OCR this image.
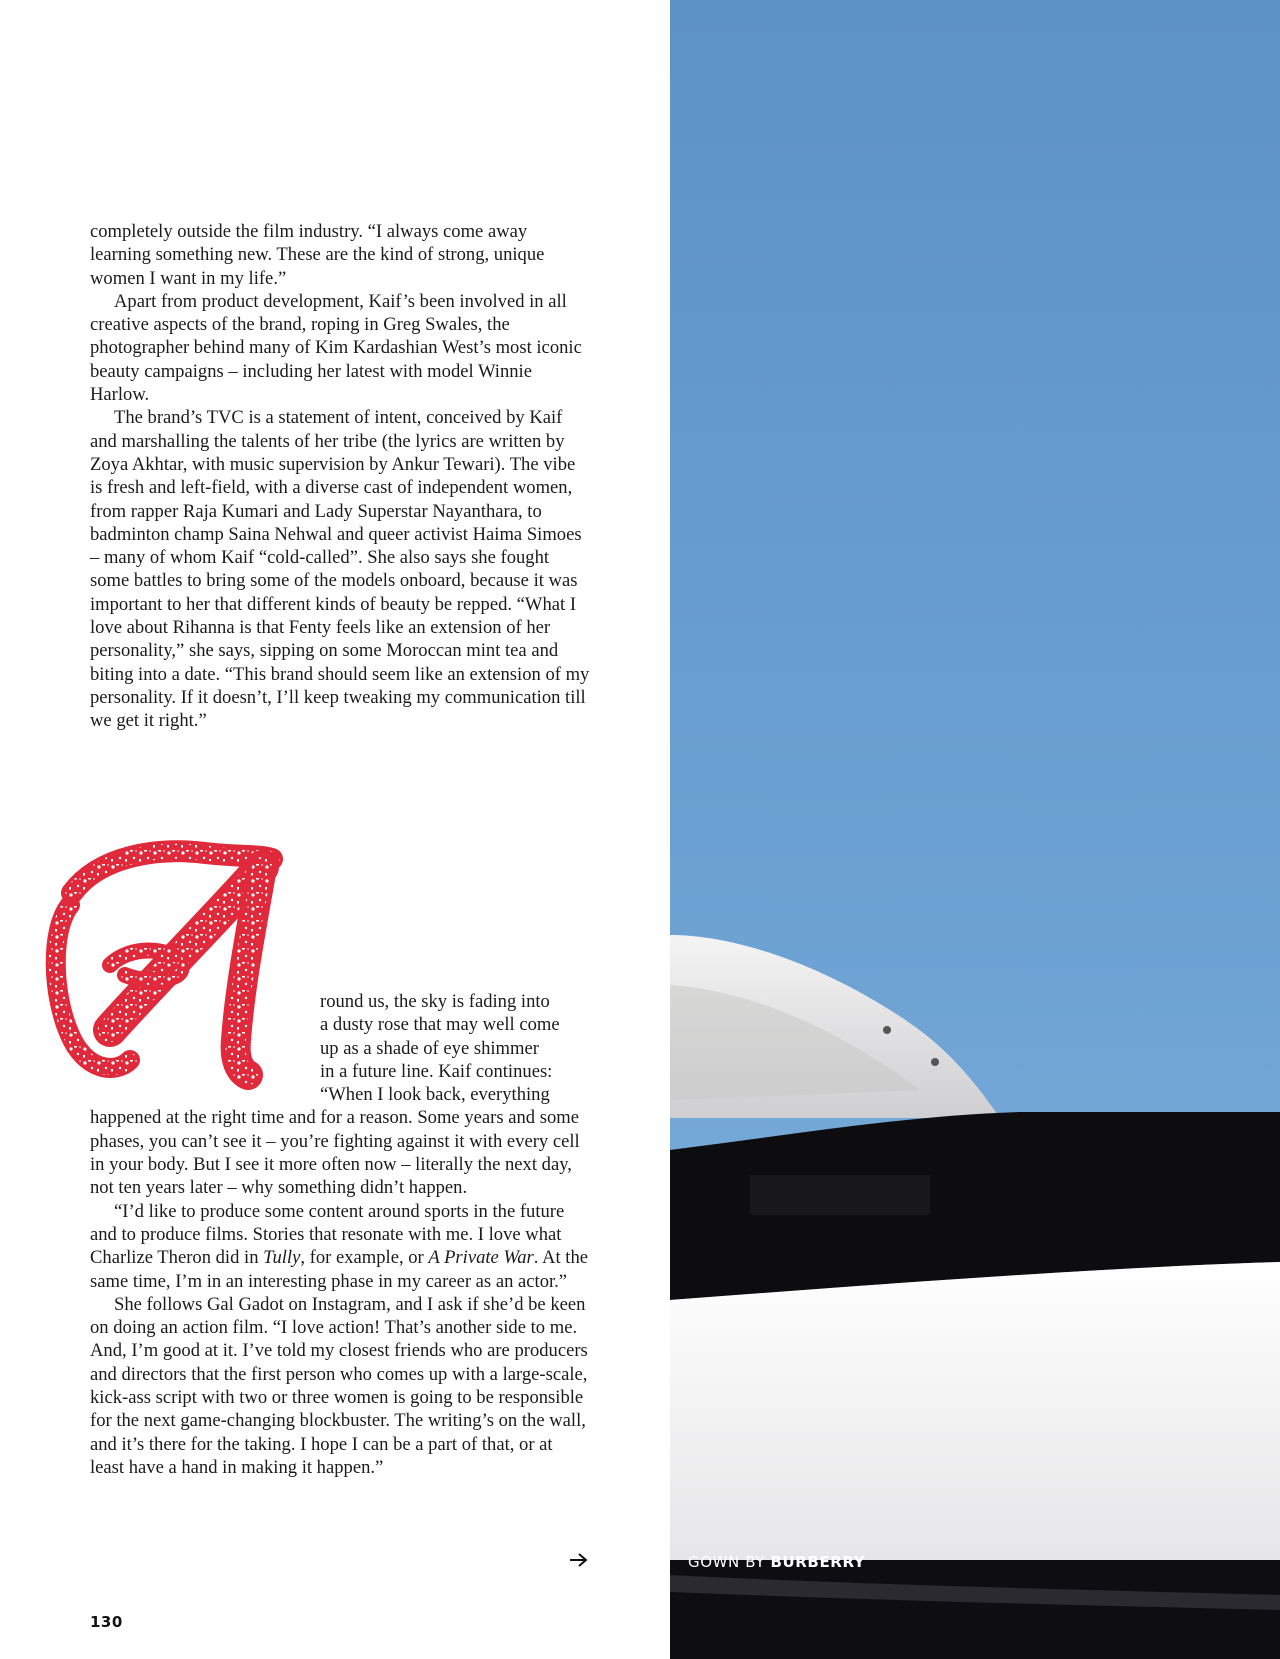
completely outside the film industry. “I always come away learning something new. These are the kind of strong, unique women I want in my life.”

Apart from product development, Kaif’s been involved in all creative aspects of the brand, roping in Greg Swales, the photographer behind many of Kim Kardashian West’s most iconic beauty campaigns – including her latest with model Winnie Harlow.

The brand’s TVC is a statement of intent, conceived by Kaif and marshalling the talents of her tribe (the lyrics are written by Zoya Akhtar, with music supervision by Ankur Tewari). The vibe is fresh and left-field, with a diverse cast of independent women, from rapper Raja Kumari and Lady Superstar Nayanthara, to badminton champ Saina Nehwal and queer activist Haima Simoes – many of whom Kaif “cold-called”. She also says she fought some battles to bring some of the models onboard, because it was important to her that different kinds of beauty be repped. “What I love about Rihanna is that Fenty feels like an extension of her personality,” she says, sipping on some Moroccan mint tea and biting into a date. “This brand should seem like an extension of my personality. If it doesn’t, I’ll keep tweaking my communication till we get it right.”

round us, the sky is fading into
a dusty rose that may well come
up as a shade of eye shimmer
in a future line. Kaif continues:
“When I look back, everything
happened at the right time and for a reason. Some years and some phases, you can’t see it – you’re fighting against it with every cell in your body. But I see it more often now – literally the next day, not ten years later – why something didn’t happen.

“I’d like to produce some content around sports in the future and to produce films. Stories that resonate with me. I love what Charlize Theron did in Tully, for example, or A Private War. At the same time, I’m in an interesting phase in my career as an actor.”

She follows Gal Gadot on Instagram, and I ask if she’d be keen on doing an action film. “I love action! That’s another side to me. And, I’m good at it. I’ve told my closest friends who are producers and directors that the first person who comes up with a large-scale, kick-ass script with two or three women is going to be responsible for the next game-changing blockbuster. The writing’s on the wall, and it’s there for the taking. I hope I can be a part of that, or at least have a hand in making it happen.”

130
GOWN BY BURBERRY
